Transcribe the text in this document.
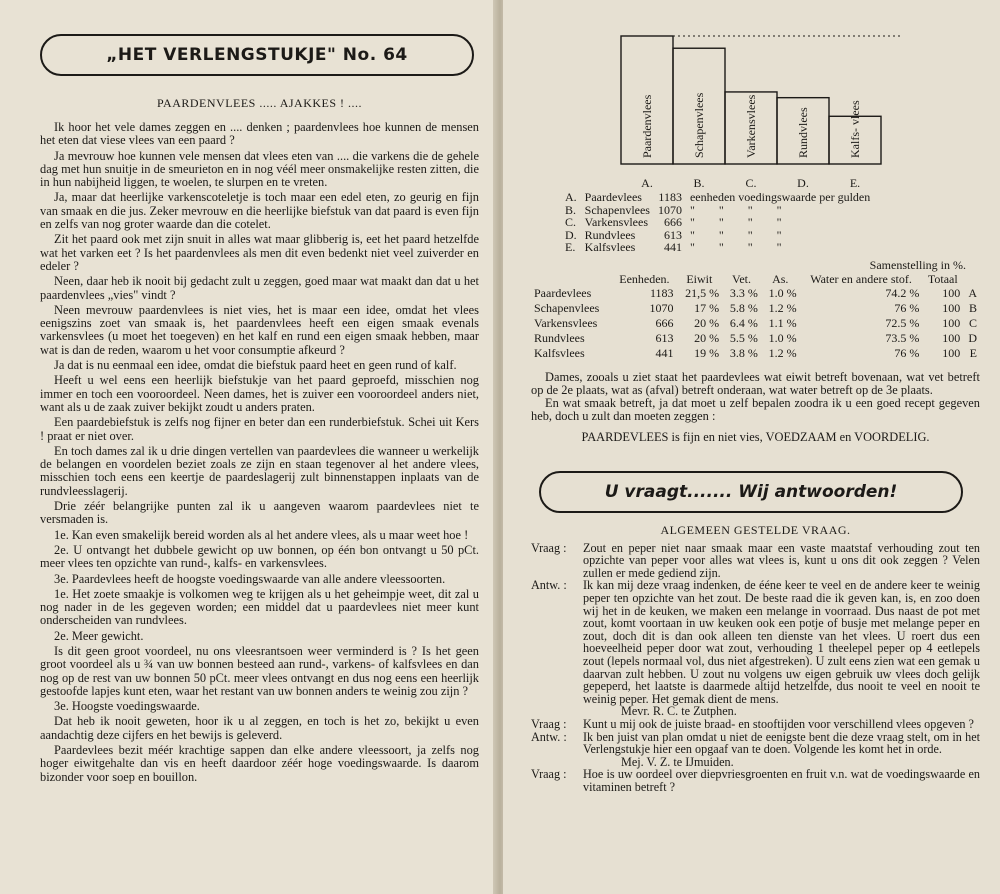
„HET VERLENGSTUKJE" No. 64
PAARDENVLEES ..... AJAKKES ! ....

Ik hoor het vele dames zeggen en .... denken ; paardenvlees hoe kunnen de mensen het eten dat viese vlees van een paard ?

Ja mevrouw hoe kunnen vele mensen dat vlees eten van .... die varkens die de gehele dag met hun snuitje in de smeurieton en in nog véél meer onsmakelijke resten zitten, die in hun nabijheid liggen, te woelen, te slurpen en te vreten.

Ja, maar dat heerlijke varkenscoteletje is toch maar een edel eten, zo geurig en fijn van smaak en die jus. Zeker mevrouw en die heerlijke biefstuk van dat paard is even fijn en zelfs van nog groter waarde dan die cotelet.

Zit het paard ook met zijn snuit in alles wat maar glibberig is, eet het paard hetzelfde wat het varken eet ? Is het paardenvlees als men dit even bedenkt niet veel zuiverder en edeler ?

Neen, daar heb ik nooit bij gedacht zult u zeggen, goed maar wat maakt dan dat u het paardenvlees „vies" vindt ?

Neen mevrouw paardenvlees is niet vies, het is maar een idee, omdat het vlees eenigszins zoet van smaak is, het paardenvlees heeft een eigen smaak evenals varkensvlees (u moet het toegeven) en het kalf en rund een eigen smaak hebben, maar wat is dan de reden, waarom u het voor consumptie afkeurd ?

Ja dat is nu eenmaal een idee, omdat die biefstuk paard heet en geen rund of kalf.

Heeft u wel eens een heerlijk biefstukje van het paard geproefd, misschien nog immer en toch een vooroordeel. Neen dames, het is zuiver een vooroordeel anders niet, want als u de zaak zuiver bekijkt zoudt u anders praten.

Een paardebiefstuk is zelfs nog fijner en beter dan een runderbiefstuk. Schei uit Kers ! praat er niet over.

En toch dames zal ik u drie dingen vertellen van paardevlees die wanneer u werkelijk de belangen en voordelen beziet zoals ze zijn en staan tegenover al het andere vlees, misschien toch eens een keertje de paardeslagerij zult binnenstappen inplaats van de rundvleesslagerij.

Drie zéér belangrijke punten zal ik u aangeven waarom paardevlees niet te versmaden is.

1e. Kan even smakelijk bereid worden als al het andere vlees, als u maar weet hoe !

2e. U ontvangt het dubbele gewicht op uw bonnen, op één bon ontvangt u 50 pCt. meer vlees ten opzichte van rund-, kalfs- en varkensvlees.

3e. Paardevlees heeft de hoogste voedingswaarde van alle andere vleessoorten.

1e. Het zoete smaakje is volkomen weg te krijgen als u het geheimpje weet, dit zal u nog nader in de les gegeven worden; een middel dat u paardevlees niet meer kunt onderscheiden van rundvlees.

2e. Meer gewicht.

Is dit geen groot voordeel, nu ons vleesrantsoen weer verminderd is ? Is het geen groot voordeel als u ¾ van uw bonnen besteed aan rund-, varkens- of kalfsvlees en dan nog op de rest van uw bonnen 50 pCt. meer vlees ontvangt en dus nog eens een heerlijk gestoofde lapjes kunt eten, waar het restant van uw bonnen anders te weinig zou zijn ?

3e. Hoogste voedingswaarde.

Dat heb ik nooit geweten, hoor ik u al zeggen, en toch is het zo, bekijkt u even aandachtig deze cijfers en het bewijs is geleverd.

Paardevlees bezit méér krachtige sappen dan elke andere vleessoort, ja zelfs nog hoger eiwitgehalte dan vis en heeft daardoor zéér hoge voedingswaarde. Is daarom bizonder voor soep en bouillon.

Paardenvlees	Schapenvlees	Varkensvlees	Rundvlees	Kalfs- vlees
A.	B.	C.	D.	E.
A.	Paardevlees	1183	eenheden voedingswaarde per gulden
B.	Schapenvlees	1070	"        "        "        "
C.	Varkensvlees	666	"        "        "        "
D.	Rundvlees	613	"        "        "        "
E.	Kalfsvlees	441	"        "        "        "
Samenstelling in %.
	Eenheden.	Eiwit	Vet.	As.	Water en andere stof.	Totaal	
Paardevlees	1183	21,5 %	3.3 %	1.0 %	74.2 %	100	A
Schapenvlees	1070	17 %	5.8 %	1.2 %	76 %	100	B
Varkensvlees	666	20 %	6.4 %	1.1 %	72.5 %	100	C
Rundvlees	613	20 %	5.5 %	1.0 %	73.5 %	100	D
Kalfsvlees	441	19 %	3.8 %	1.2 %	76 %	100	E

Dames, zooals u ziet staat het paardevlees wat eiwit betreft bovenaan, wat vet betreft op de 2e plaats, wat as (afval) betreft onderaan, wat water betreft op de 3e plaats.

En wat smaak betreft, ja dat moet u zelf bepalen zoodra ik u een goed recept gegeven heb, doch u zult dan moeten zeggen :

PAARDEVLEES is fijn en niet vies, VOEDZAAM en VOORDELIG.
U vraagt....... Wij antwoorden!
ALGEMEEN GESTELDE VRAAG.
Vraag :	Zout en peper niet naar smaak maar een vaste maatstaf verhouding zout ten opzichte van peper voor alles wat vlees is, kunt u ons dit ook zeggen ? Velen zullen er mede gediend zijn.
Antw. :	Ik kan mij deze vraag indenken, de ééne keer te veel en de andere keer te weinig peper ten opzichte van het zout. De beste raad die ik geven kan, is, en zoo doen wij het in de keuken, we maken een melange in voorraad. Dus naast de pot met zout, komt voortaan in uw keuken ook een potje of busje met melange peper en zout, doch dit is dan ook alleen ten dienste van het vlees. U roert dus een hoeveelheid peper door wat zout, verhouding 1 theelepel peper op 4 eetlepels zout (lepels normaal vol, dus niet afgestreken). U zult eens zien wat een gemak u daarvan zult hebben. U zout nu volgens uw eigen gebruik uw vlees doch gelijk gepeperd, het laatste is daarmede altijd hetzelfde, dus nooit te veel en nooit te weinig peper. Het gemak dient de mens.
Mevr. R. C. te Zutphen.
Vraag :	Kunt u mij ook de juiste braad- en stooftijden voor verschillend vlees opgeven ?
Antw. :	Ik ben juist van plan omdat u niet de eenigste bent die deze vraag stelt, om in het Verlengstukje hier een opgaaf van te doen. Volgende les komt het in orde.
Mej. V. Z. te IJmuiden.
Vraag :	Hoe is uw oordeel over diepvriesgroenten en fruit v.n. wat de voedingswaarde en vitaminen betreft ?
